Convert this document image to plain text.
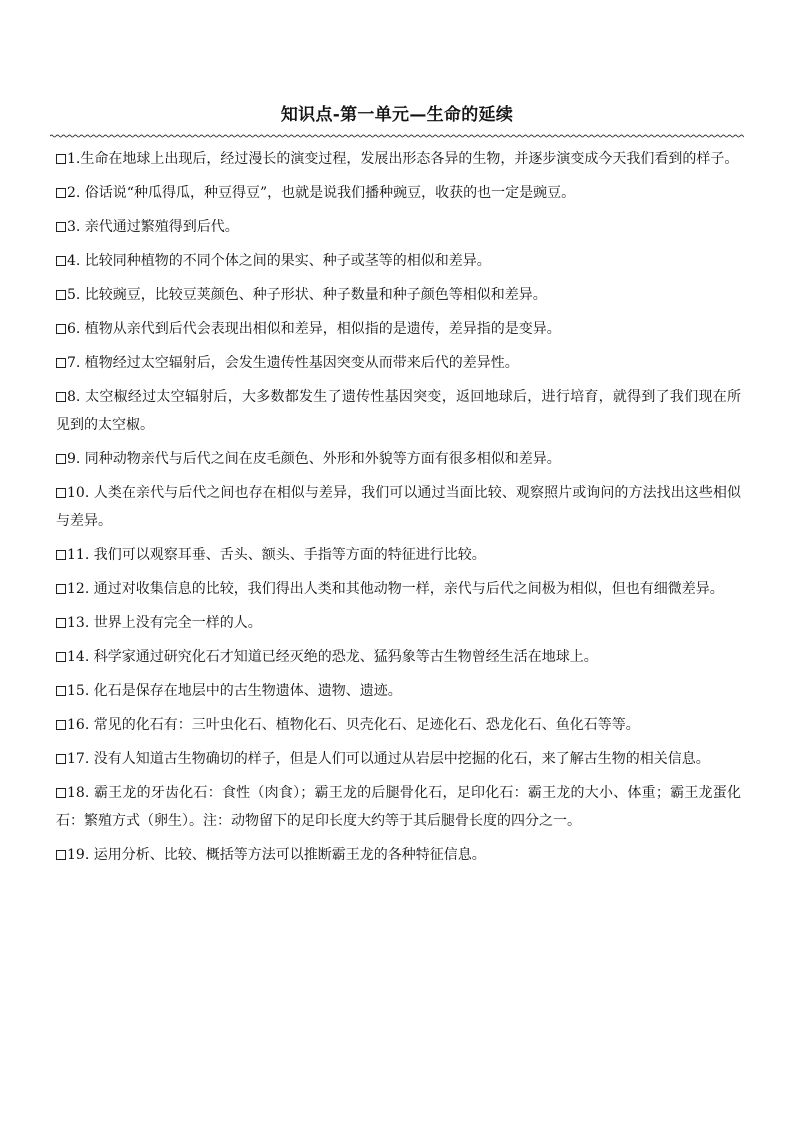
知识点-第一单元—生命的延续

1.生命在地球上出现后，经过漫长的演变过程，发展出形态各异的生物，并逐步演变成今天我们看到的样子。

2. 俗话说“种瓜得瓜，种豆得豆”，也就是说我们播种豌豆，收获的也一定是豌豆。

3. 亲代通过繁殖得到后代。

4. 比较同种植物的不同个体之间的果实、种子或茎等的相似和差异。

5. 比较豌豆，比较豆荚颜色、种子形状、种子数量和种子颜色等相似和差异。

6. 植物从亲代到后代会表现出相似和差异，相似指的是遗传，差异指的是变异。

7. 植物经过太空辐射后，会发生遗传性基因突变从而带来后代的差异性。

8. 太空椒经过太空辐射后，大多数都发生了遗传性基因突变，返回地球后，进行培育，就得到了我们现在所见到的太空椒。

9. 同种动物亲代与后代之间在皮毛颜色、外形和外貌等方面有很多相似和差异。

10. 人类在亲代与后代之间也存在相似与差异，我们可以通过当面比较、观察照片或询问的方法找出这些相似与差异。

11. 我们可以观察耳垂、舌头、额头、手指等方面的特征进行比较。

12. 通过对收集信息的比较，我们得出人类和其他动物一样，亲代与后代之间极为相似，但也有细微差异。

13. 世界上没有完全一样的人。

14. 科学家通过研究化石才知道已经灭绝的恐龙、猛犸象等古生物曾经生活在地球上。

15. 化石是保存在地层中的古生物遗体、遗物、遗迹。

16. 常见的化石有：三叶虫化石、植物化石、贝壳化石、足迹化石、恐龙化石、鱼化石等等。

17. 没有人知道古生物确切的样子，但是人们可以通过从岩层中挖掘的化石，来了解古生物的相关信息。

18. 霸王龙的牙齿化石：食性（肉食）；霸王龙的后腿骨化石，足印化石：霸王龙的大小、体重；霸王龙蛋化石：繁殖方式（卵生）。注：动物留下的足印长度大约等于其后腿骨长度的四分之一。

19. 运用分析、比较、概括等方法可以推断霸王龙的各种特征信息。
